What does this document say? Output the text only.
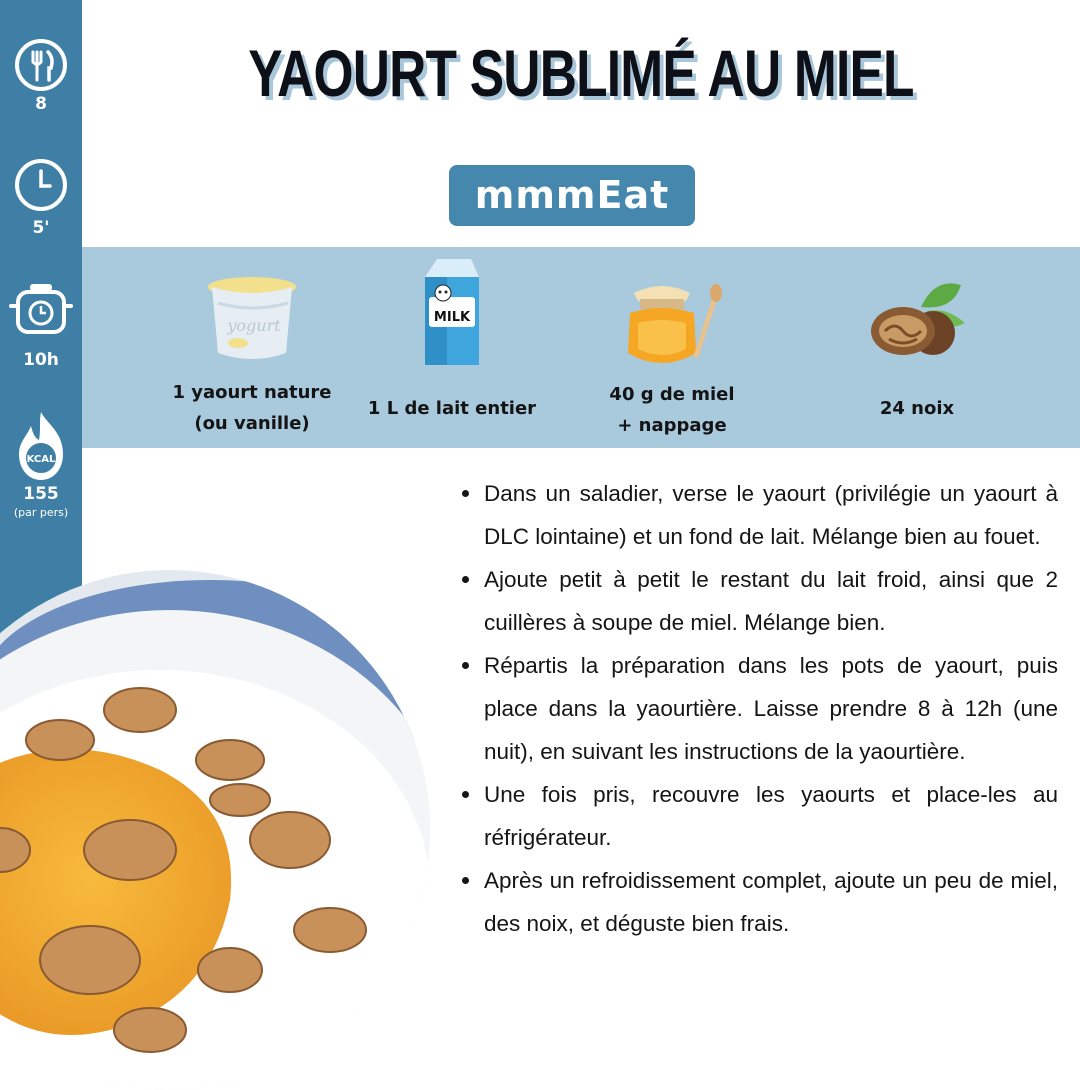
8
5'
10h
KCAL
155
(par pers)
YAOURT SUBLIMÉ AU MIEL
mmmEat
yogurt
1 yaourt nature
(ou vanille)
MILK
1 L de lait entier
40 g de miel
+ nappage
24 noix
Dans un saladier, verse le yaourt (privilégie un yaourt à DLC lointaine) et un fond de lait. Mélange bien au fouet.
Ajoute petit à petit le restant du lait froid, ainsi que 2 cuillères à soupe de miel. Mélange bien.
Répartis la préparation dans les pots de yaourt, puis place dans la yaourtière. Laisse prendre 8 à 12h (une nuit), en suivant les instructions de la yaourtière.
Une fois pris, recouvre les yaourts et place-les au réfrigérateur.
Après un refroidissement complet, ajoute un peu de miel, des noix, et déguste bien frais.
